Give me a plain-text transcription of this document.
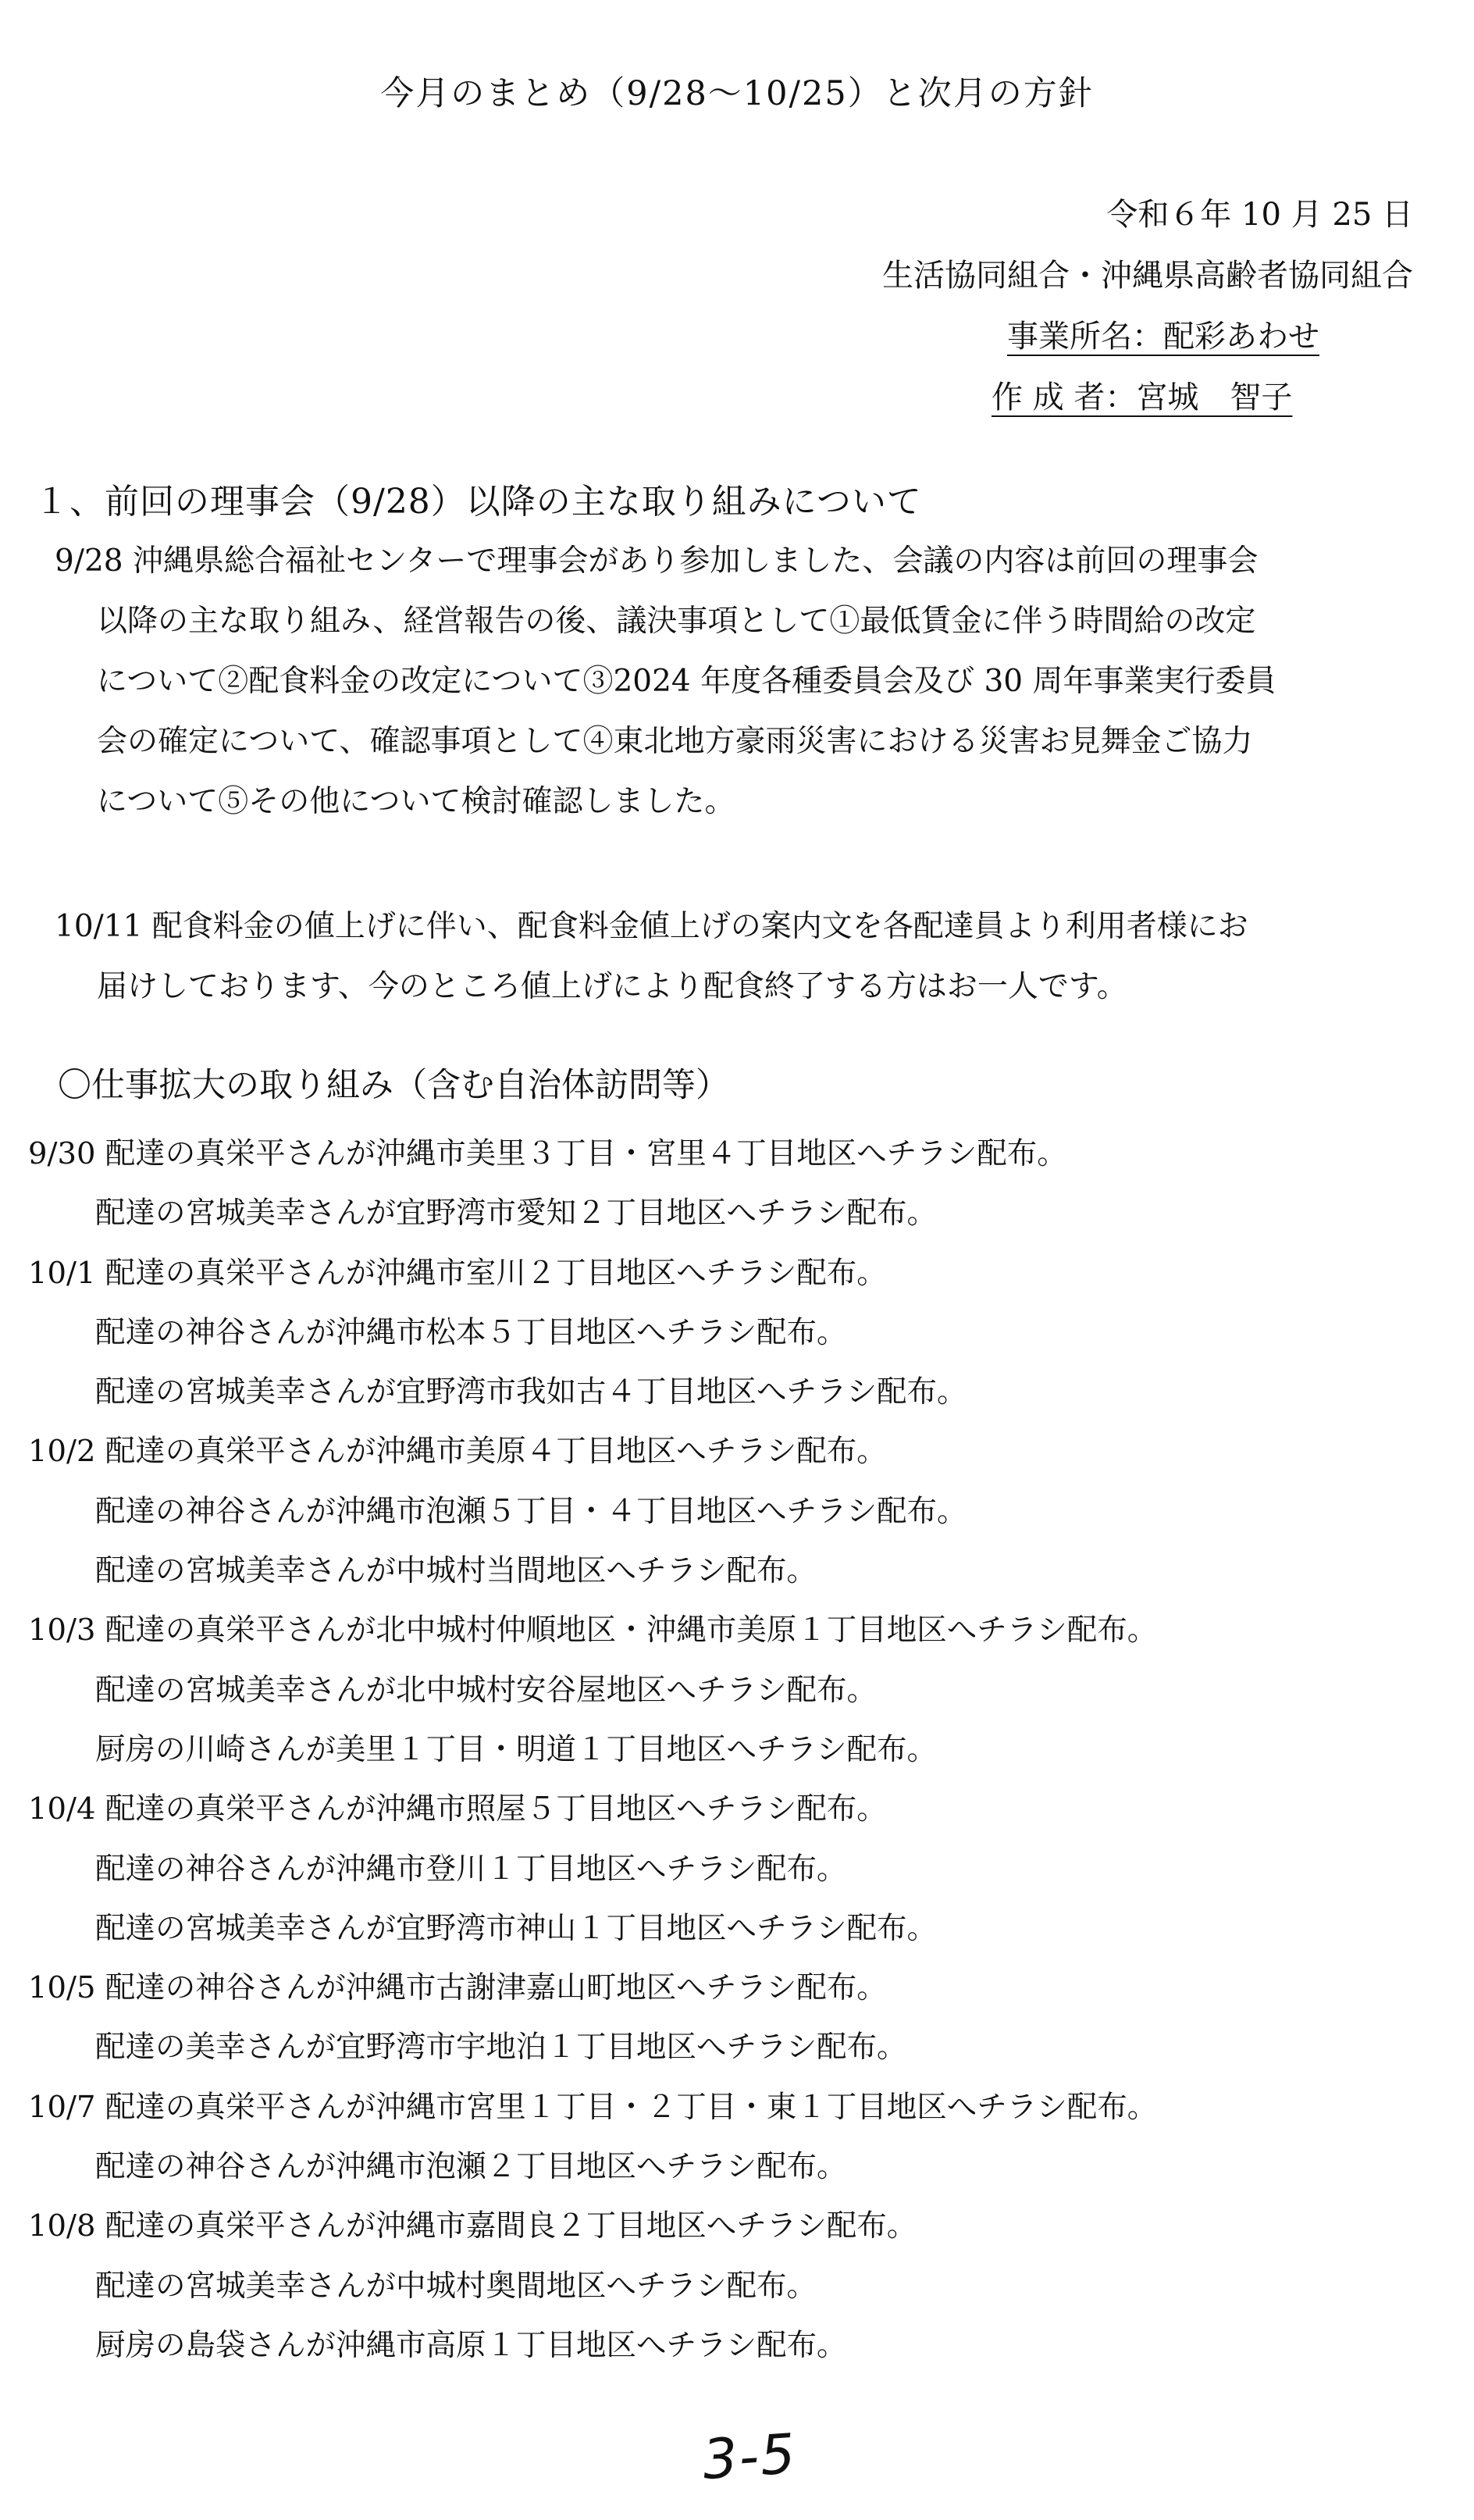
今月のまとめ（9/28～10/25）と次月の方針
令和６年 10 月 25 日
生活協同組合・沖縄県高齢者協同組合
事業所名：配彩あわせ
作 成 者：宮城　智子
１、前回の理事会（9/28）以降の主な取り組みについて
9/28 沖縄県総合福祉センターで理事会があり参加しました、会議の内容は前回の理事会
以降の主な取り組み、経営報告の後、議決事項として①最低賃金に伴う時間給の改定
について②配食料金の改定について③2024 年度各種委員会及び 30 周年事業実行委員
会の確定について、確認事項として④東北地方豪雨災害における災害お見舞金ご協力
について⑤その他について検討確認しました。
10/11 配食料金の値上げに伴い、配食料金値上げの案内文を各配達員より利用者様にお
届けしております、今のところ値上げにより配食終了する方はお一人です。
〇仕事拡大の取り組み（含む自治体訪問等）
9/30 配達の真栄平さんが沖縄市美里３丁目・宮里４丁目地区へチラシ配布。
配達の宮城美幸さんが宜野湾市愛知２丁目地区へチラシ配布。
10/1 配達の真栄平さんが沖縄市室川２丁目地区へチラシ配布。
配達の神谷さんが沖縄市松本５丁目地区へチラシ配布。
配達の宮城美幸さんが宜野湾市我如古４丁目地区へチラシ配布。
10/2 配達の真栄平さんが沖縄市美原４丁目地区へチラシ配布。
配達の神谷さんが沖縄市泡瀬５丁目・４丁目地区へチラシ配布。
配達の宮城美幸さんが中城村当間地区へチラシ配布。
10/3 配達の真栄平さんが北中城村仲順地区・沖縄市美原１丁目地区へチラシ配布。
配達の宮城美幸さんが北中城村安谷屋地区へチラシ配布。
厨房の川崎さんが美里１丁目・明道１丁目地区へチラシ配布。
10/4 配達の真栄平さんが沖縄市照屋５丁目地区へチラシ配布。
配達の神谷さんが沖縄市登川１丁目地区へチラシ配布。
配達の宮城美幸さんが宜野湾市神山１丁目地区へチラシ配布。
10/5 配達の神谷さんが沖縄市古謝津嘉山町地区へチラシ配布。
配達の美幸さんが宜野湾市宇地泊１丁目地区へチラシ配布。
10/7 配達の真栄平さんが沖縄市宮里１丁目・２丁目・東１丁目地区へチラシ配布。
配達の神谷さんが沖縄市泡瀬２丁目地区へチラシ配布。
10/8 配達の真栄平さんが沖縄市嘉間良２丁目地区へチラシ配布。
配達の宮城美幸さんが中城村奥間地区へチラシ配布。
厨房の島袋さんが沖縄市高原１丁目地区へチラシ配布。
3-5
